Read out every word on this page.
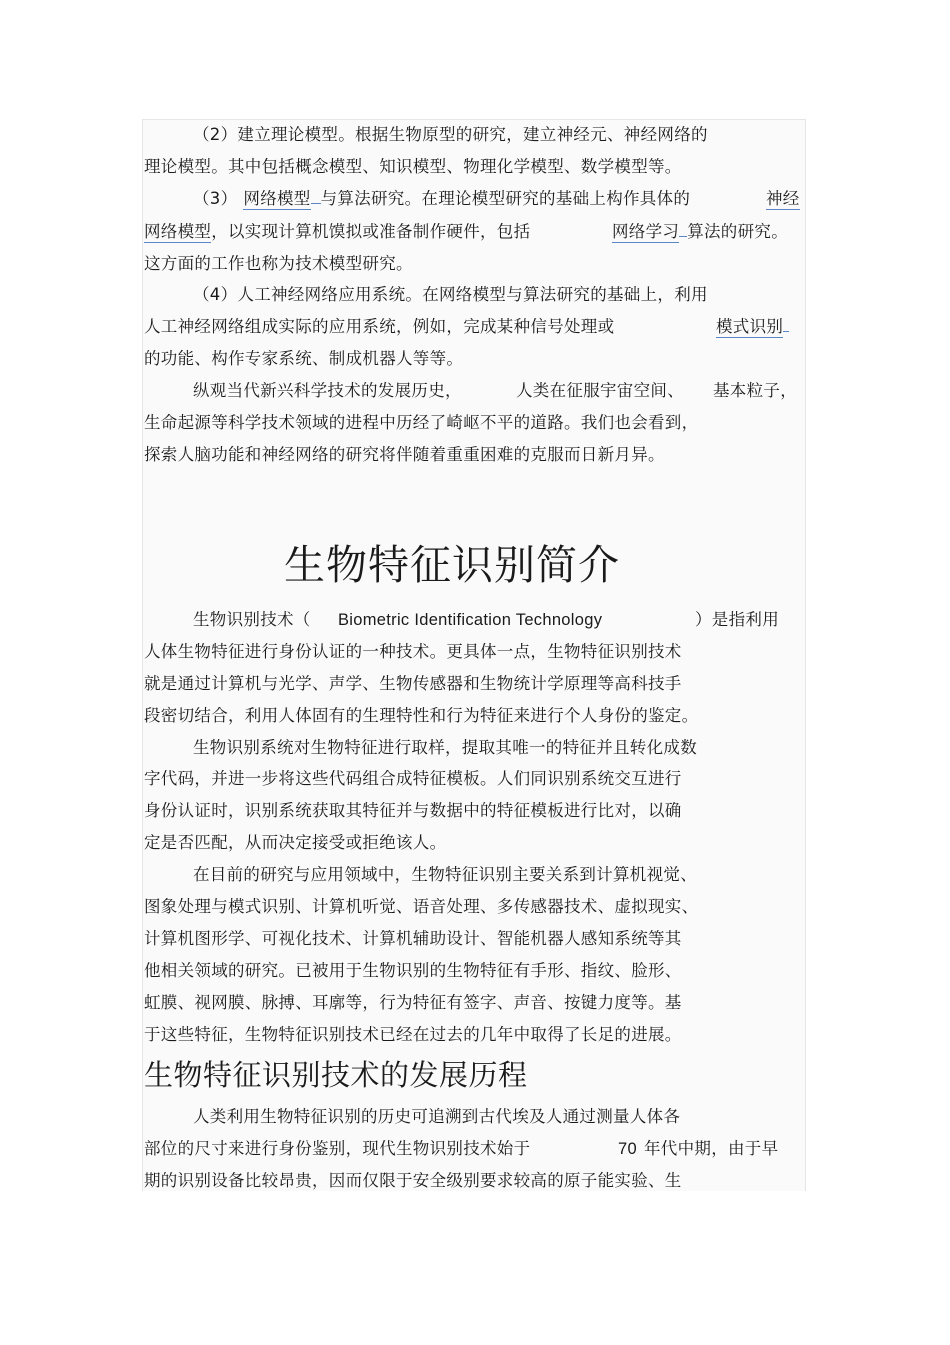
（2）建立理论模型。根据生物原型的研究，建立神经元、神经网络的
理论模型。其中包括概念模型、知识模型、物理化学模型、数学模型等。
（3） 网络模型 与算法研究。在理论模型研究的基础上构作具体的	神经
网络模型，以实现计算机馍拟或准备制作硬件，包括	网络学习 算法的研究。
这方面的工作也称为技术模型研究。
（4）人工神经网络应用系统。在网络模型与算法研究的基础上，利用
人工神经网络组成实际的应用系统，例如，完成某种信号处理或	模式识别
的功能、构作专家系统、制成机器人等等。
纵观当代新兴科学技术的发展历史，	人类在征服宇宙空间、 基本粒子，
生命起源等科学技术领域的进程中历经了崎岖不平的道路。我们也会看到，
探索人脑功能和神经网络的研究将伴随着重重困难的克服而日新月异。
生物特征识别简介
生物识别技术（ Biometric Identification Technology	）是指利用
人体生物特征进行身份认证的一种技术。更具体一点，生物特征识别技术
就是通过计算机与光学、声学、生物传感器和生物统计学原理等高科技手
段密切结合，利用人体固有的生理特性和行为特征来进行个人身份的鉴定。
生物识别系统对生物特征进行取样，提取其唯一的特征并且转化成数
字代码，并进一步将这些代码组合成特征模板。人们同识别系统交互进行
身份认证时，识别系统获取其特征并与数据中的特征模板进行比对，以确
定是否匹配，从而决定接受或拒绝该人。
在目前的研究与应用领域中，生物特征识别主要关系到计算机视觉、
图象处理与模式识别、计算机听觉、语音处理、多传感器技术、虚拟现实、
计算机图形学、可视化技术、计算机辅助设计、智能机器人感知系统等其
他相关领域的研究。已被用于生物识别的生物特征有手形、指纹、脸形、
虹膜、视网膜、脉搏、耳廓等，行为特征有签字、声音、按键力度等。基
于这些特征，生物特征识别技术已经在过去的几年中取得了长足的进展。
生物特征识别技术的发展历程
人类利用生物特征识别的历史可追溯到古代埃及人通过测量人体各
部位的尺寸来进行身份鉴别，现代生物识别技术始于	70 年代中期，由于早
期的识别设备比较昂贵，因而仅限于安全级别要求较高的原子能实验、生
